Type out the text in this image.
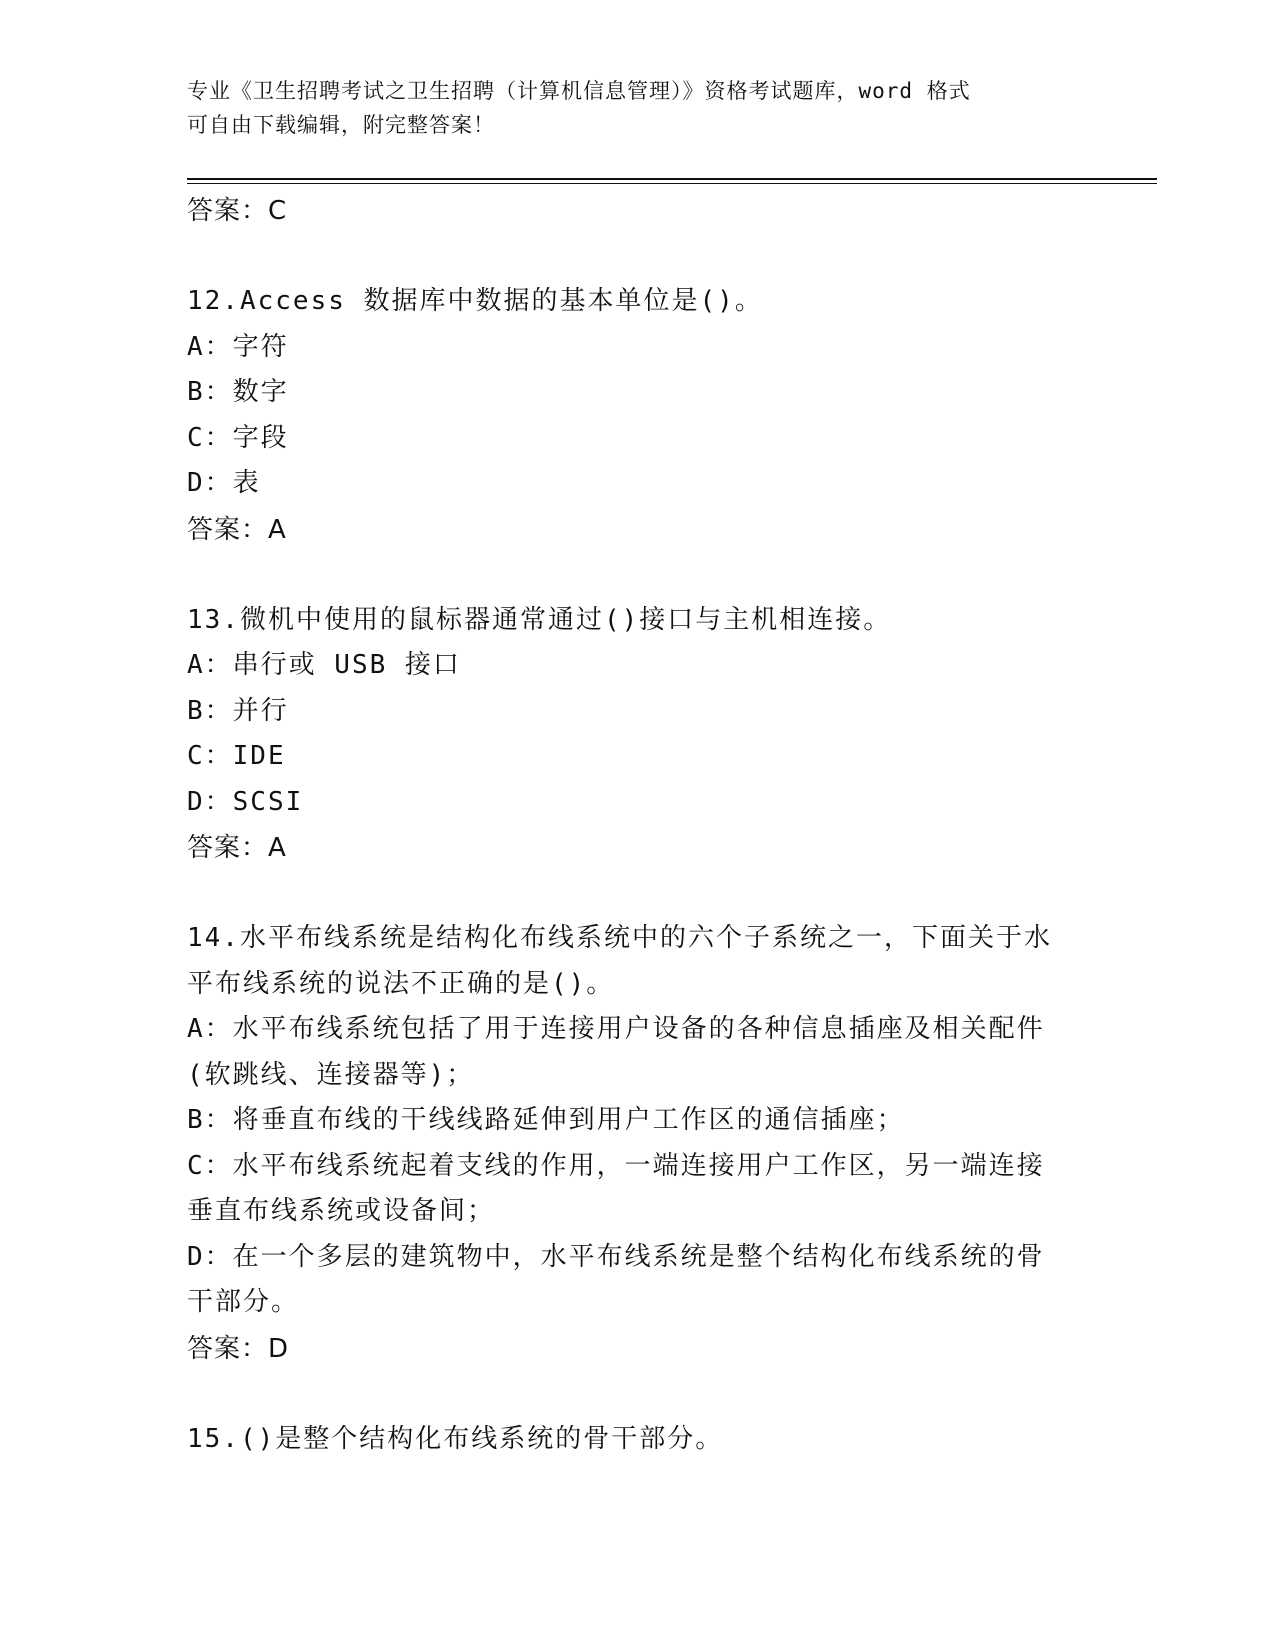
专业《卫生招聘考试之卫生招聘（计算机信息管理）》资格考试题库，word 格式
可自由下载编辑，附完整答案！
答案：C
12.Access 数据库中数据的基本单位是()。
A：字符
B：数字
C：字段
D：表
答案：A
13.微机中使用的鼠标器通常通过()接口与主机相连接。
A：串行或 USB 接口
B：并行
C：IDE
D：SCSI
答案：A
14.水平布线系统是结构化布线系统中的六个子系统之一，下面关于水
平布线系统的说法不正确的是()。
A：水平布线系统包括了用于连接用户设备的各种信息插座及相关配件
(软跳线、连接器等)；
B：将垂直布线的干线线路延伸到用户工作区的通信插座；
C：水平布线系统起着支线的作用，一端连接用户工作区，另一端连接
垂直布线系统或设备间；
D：在一个多层的建筑物中，水平布线系统是整个结构化布线系统的骨
干部分。
答案：D
15.()是整个结构化布线系统的骨干部分。
